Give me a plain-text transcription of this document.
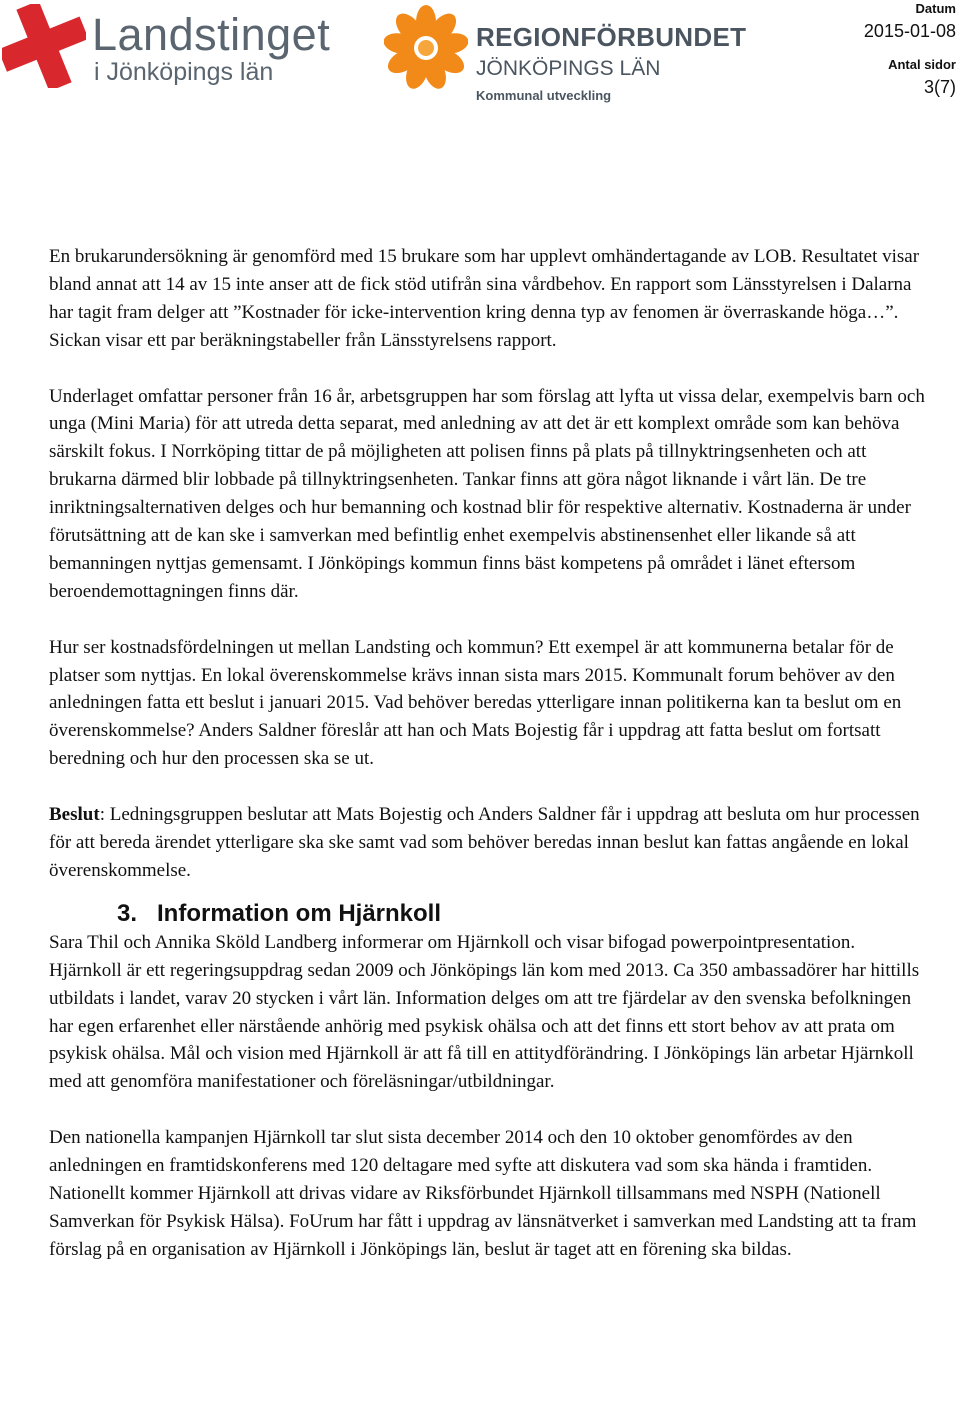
Landstinget
i Jönköpings län
REGIONFÖRBUNDET
JÖNKÖPINGS LÄN
Kommunal utveckling
Datum
2015-01-08
Antal sidor
3(7)

En brukarundersökning är genomförd med 15 brukare som har upplevt omhändertagande av LOB. Resultatet visar bland annat att 14 av 15 inte anser att de fick stöd utifrån sina vårdbehov. En rapport som Länsstyrelsen i Dalarna har tagit fram delger att ”Kostnader för icke-intervention kring denna typ av fenomen är överraskande höga…”. Sickan visar ett par beräkningstabeller från Länsstyrelsens rapport.

Underlaget omfattar personer från 16 år, arbetsgruppen har som förslag att lyfta ut vissa delar, exempelvis barn och unga (Mini Maria) för att utreda detta separat, med anledning av att det är ett komplext område som kan behöva särskilt fokus. I Norrköping tittar de på möjligheten att polisen finns på plats på tillnyktringsenheten och att brukarna därmed blir lobbade på tillnyktringsenheten. Tankar finns att göra något liknande i vårt län. De tre inriktningsalternativen delges och hur bemanning och kostnad blir för respektive alternativ. Kostnaderna är under förutsättning att de kan ske i samverkan med befintlig enhet exempelvis abstinensenhet eller likande så att bemanningen nyttjas gemensamt. I Jönköpings kommun finns bäst kompetens på området i länet eftersom beroendemottagningen finns där.

Hur ser kostnadsfördelningen ut mellan Landsting och kommun? Ett exempel är att kommunerna betalar för de platser som nyttjas. En lokal överenskommelse krävs innan sista mars 2015. Kommunalt forum behöver av den anledningen fatta ett beslut i januari 2015. Vad behöver beredas ytterligare innan politikerna kan ta beslut om en överenskommelse? Anders Saldner föreslår att han och Mats Bojestig får i uppdrag att fatta beslut om fortsatt beredning och hur den processen ska se ut.

Beslut: Ledningsgruppen beslutar att Mats Bojestig och Anders Saldner får i uppdrag att besluta om hur processen för att bereda ärendet ytterligare ska ske samt vad som behöver beredas innan beslut kan fattas angående en lokal överenskommelse.

3. Information om Hjärnkoll

Sara Thil och Annika Sköld Landberg informerar om Hjärnkoll och visar bifogad powerpointpresentation. Hjärnkoll är ett regeringsuppdrag sedan 2009 och Jönköpings län kom med 2013. Ca 350 ambassadörer har hittills utbildats i landet, varav 20 stycken i vårt län. Information delges om att tre fjärdelar av den svenska befolkningen har egen erfarenhet eller närstående anhörig med psykisk ohälsa och att det finns ett stort behov av att prata om psykisk ohälsa. Mål och vision med Hjärnkoll är att få till en attitydförändring. I Jönköpings län arbetar Hjärnkoll med att genomföra manifestationer och föreläsningar/utbildningar.

Den nationella kampanjen Hjärnkoll tar slut sista december 2014 och den 10 oktober genomfördes av den anledningen en framtidskonferens med 120 deltagare med syfte att diskutera vad som ska hända i framtiden. Nationellt kommer Hjärnkoll att drivas vidare av Riksförbundet Hjärnkoll tillsammans med NSPH (Nationell Samverkan för Psykisk Hälsa). FoUrum har fått i uppdrag av länsnätverket i samverkan med Landsting att ta fram förslag på en organisation av Hjärnkoll i Jönköpings län, beslut är taget att en förening ska bildas.
